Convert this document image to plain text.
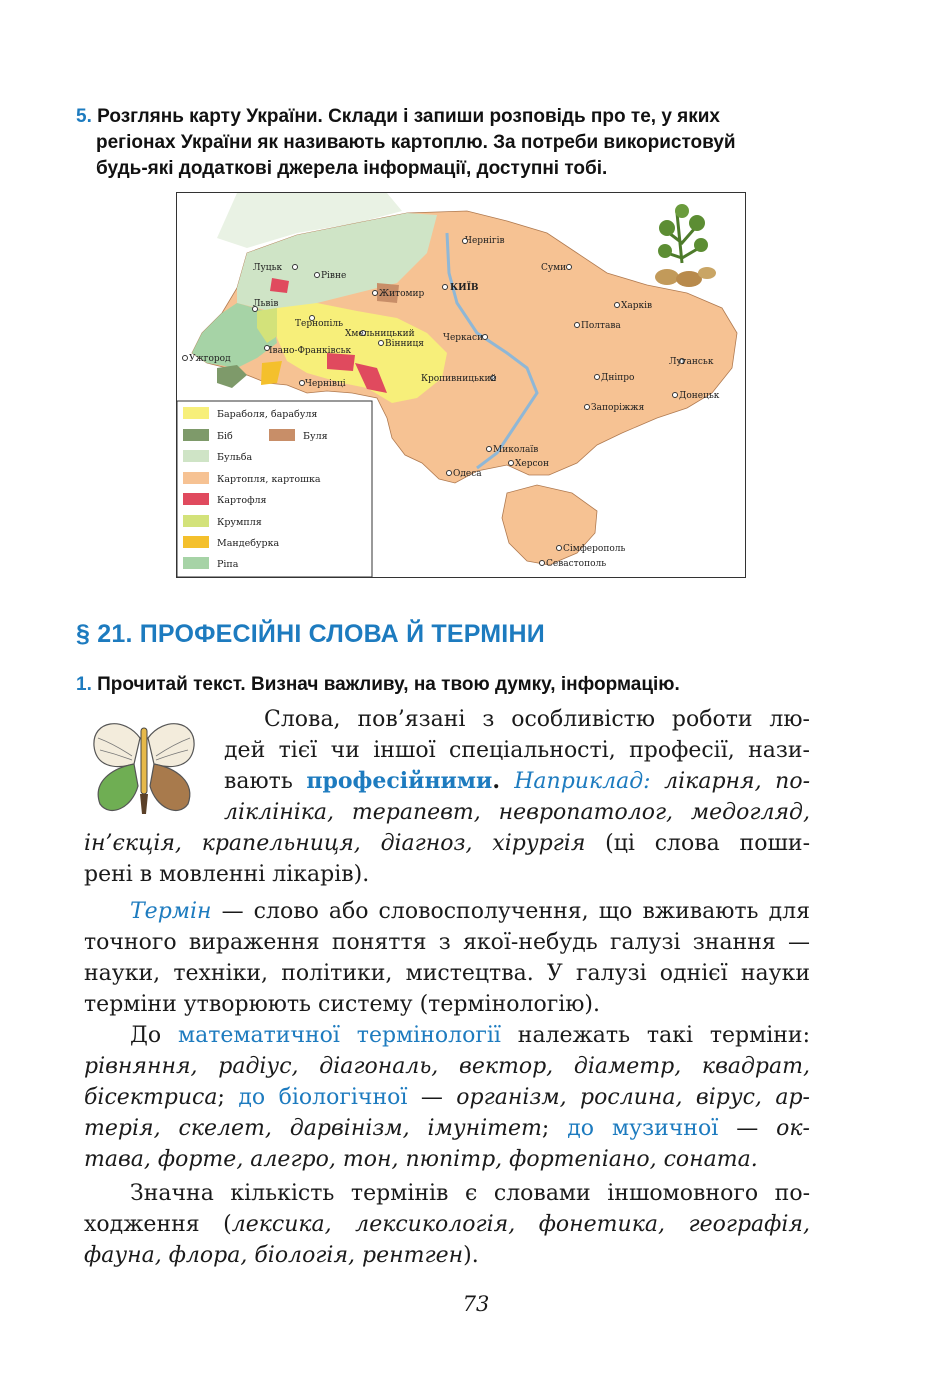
5. Розглянь карту України. Склади і запиши розповідь про те, у яких
регіонах України як називають картоплю. За потреби використовуй
будь-які додаткові джерела інформації, доступні тобі.
КИЇВ
Чернігів
Суми
Харків
Полтава
Луганськ
Донецьк
Дніпро
Запоріжжя
Кропивницький
Черкаси
Вінниця
Хмельницький
Житомир
Рівне
Луцьк
Львів
Тернопіль
Івано-Франківськ
Ужгород
Чернівці
Миколаїв
Херсон
Одеса
Сімферополь
Севастополь
Бараболя, барабуля
Біб	Буля
Бульба
Картопля, картошка
Картофля
Крумпля
Мандебурка
Ріпа
§ 21. ПРОФЕСІЙНІ СЛОВА Й ТЕРМІНИ
1. Прочитай текст. Визнач важливу, на твою думку, інформацію.
Слова, пов’язані з особливістю роботи лю-
дей тієї чи іншої спеціальності, професії, нази-
вають професійними. Наприклад: лікарня, по-
ліклініка, терапевт, невропатолог, медогляд,
ін’єкція, крапельниця, діагноз, хірургія (ці слова поши-
рені в мовленні лікарів).
Термін — слово або словосполучення, що вживають для
точного вираження поняття з якої-небудь галузі знання —
науки, техніки, політики, мистецтва. У галузі однієї науки
терміни утворюють систему (термінологію).
До математичної термінології належать такі терміни:
рівняння, радіус, діагональ, вектор, діаметр, квадрат,
бісектриса; до біологічної — організм, рослина, вірус, ар-
терія, скелет, дарвінізм, імунітет; до музичної — ок-
тава, форте, алегро, тон, пюпітр, фортепіано, соната.
Значна кількість термінів є словами іншомовного по-
ходження (лексика, лексикологія, фонетика, географія,
фауна, флора, біологія, рентген).
73
